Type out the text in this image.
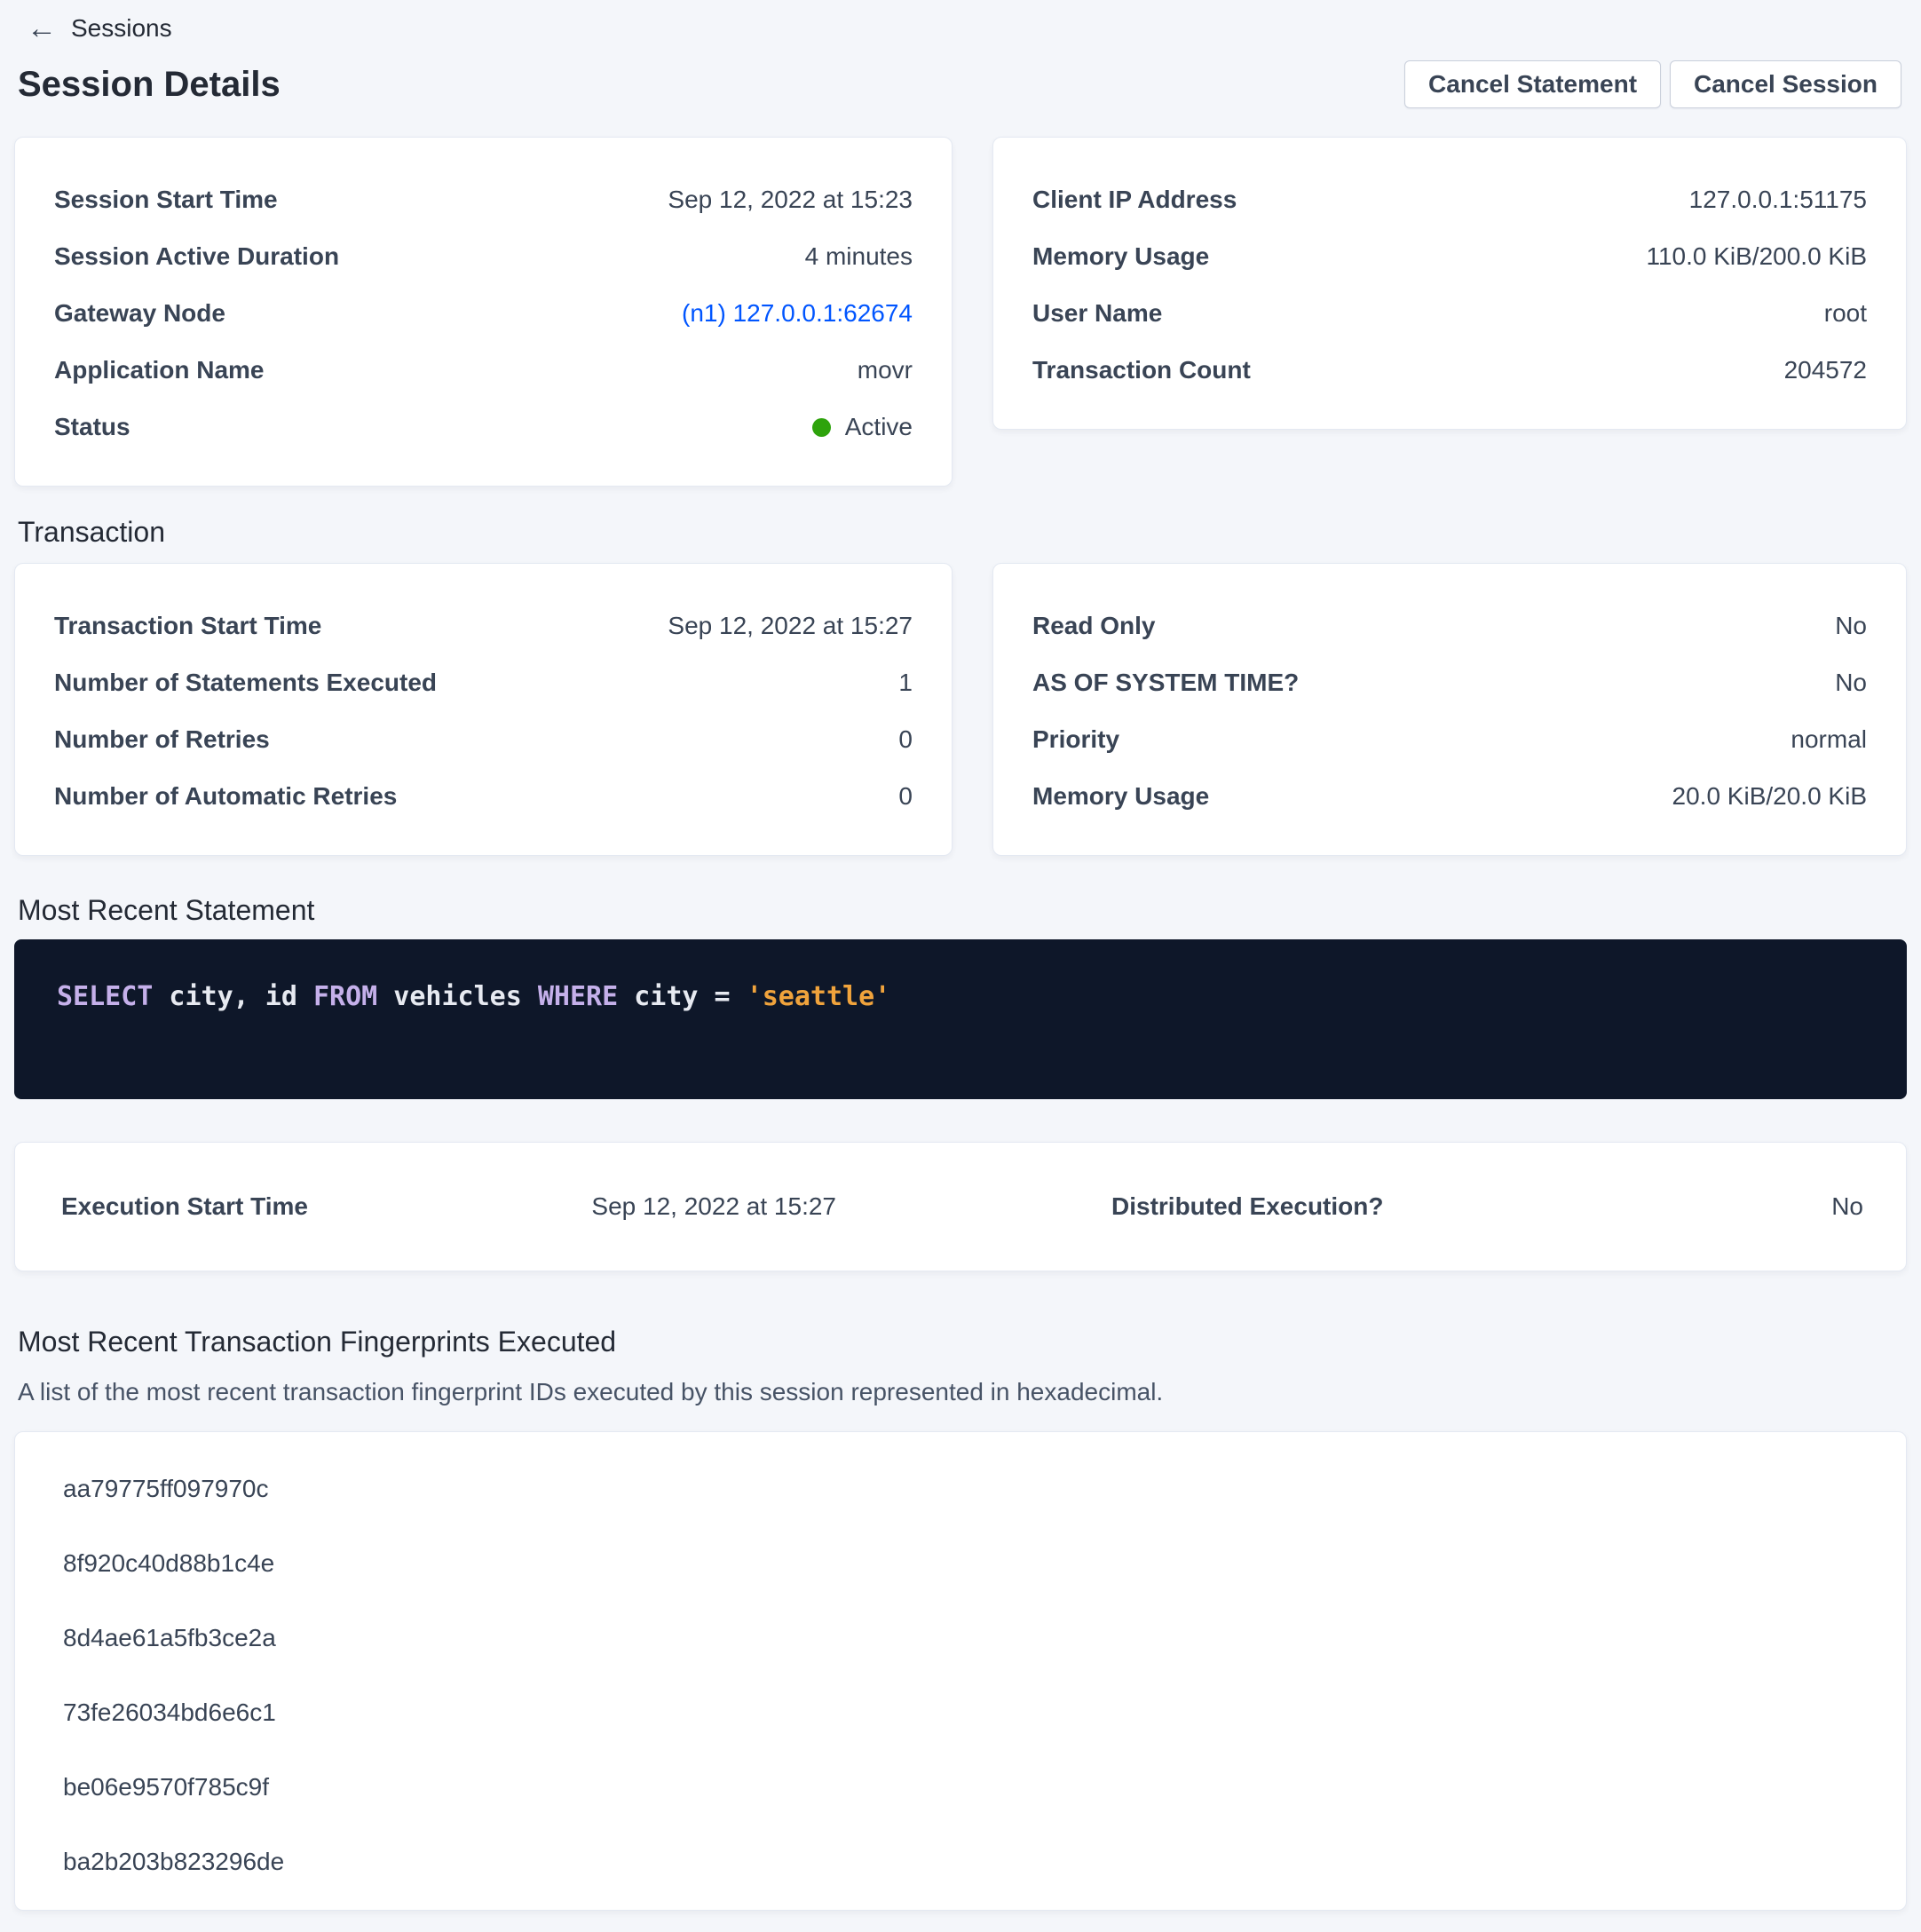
← Sessions
Session Details	Cancel Statement	Cancel Session
Session Start Time	Sep 12, 2022 at 15:23
Session Active Duration	4 minutes
Gateway Node	(n1) 127.0.0.1:62674
Application Name	movr
Status	Active
Client IP Address	127.0.0.1:51175
Memory Usage	110.0 KiB/200.0 KiB
User Name	root
Transaction Count	204572
Transaction
Transaction Start Time	Sep 12, 2022 at 15:27
Number of Statements Executed	1
Number of Retries	0
Number of Automatic Retries	0
Read Only	No
AS OF SYSTEM TIME?	No
Priority	normal
Memory Usage	20.0 KiB/20.0 KiB
Most Recent Statement
SELECT city, id FROM vehicles WHERE city = 'seattle'
Execution Start Time	Sep 12, 2022 at 15:27	Distributed Execution?	No
Most Recent Transaction Fingerprints Executed

A list of the most recent transaction fingerprint IDs executed by this session represented in hexadecimal.

aa79775ff097970c
8f920c40d88b1c4e
8d4ae61a5fb3ce2a
73fe26034bd6e6c1
be06e9570f785c9f
ba2b203b823296de
